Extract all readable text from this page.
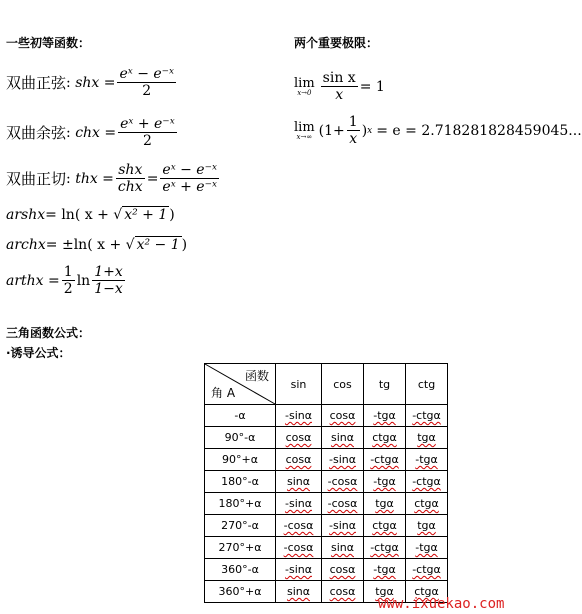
一些初等函数：	两个重要极限：
双曲正弦 : shx = $\frac{\text{eˣ − e⁻ˣ}}{2}$
双曲余弦 : chx = $\frac{\text{eˣ + e⁻ˣ}}{2}$
双曲正切 : thx = $\frac{\text{shx}}{\text{chx}} = \frac{\text{eˣ − e⁻ˣ}}{\text{eˣ + e⁻ˣ}}$
arshx = ln( x + √ x² + 1 )
archx = ±ln( x + √ x² − 1 )
arthx = $\frac{1}{2}$ $\ln \frac{1+x}{1-x}$
lim
$x\to 0 \frac{\text{sin x}}{x} = 1$
lim
x→∞ ($1+ \frac{1}{x}$ ) x = e = 2.718281828459045...
三角函数公式：
·诱导公式：
函数
角 A	sin	cos	tg	ctg
-α	-sinα	cosα	-tgα	-ctgα
90°-α	cosα	sinα	ctgα	tgα
90°+α	cosα	-sinα	-ctgα	-tgα
180°-α	sinα	-cosα	-tgα	-ctgα
180°+α	-sinα	-cosα	tgα	ctgα
270°-α	-cosα	-sinα	ctgα	tgα
270°+α	-cosα	sinα	-ctgα	-tgα
360°-α	-sinα	cosα	-tgα	-ctgα
360°+α	sinα	cosα	tgα	ctgα
www.ixuekao.com
